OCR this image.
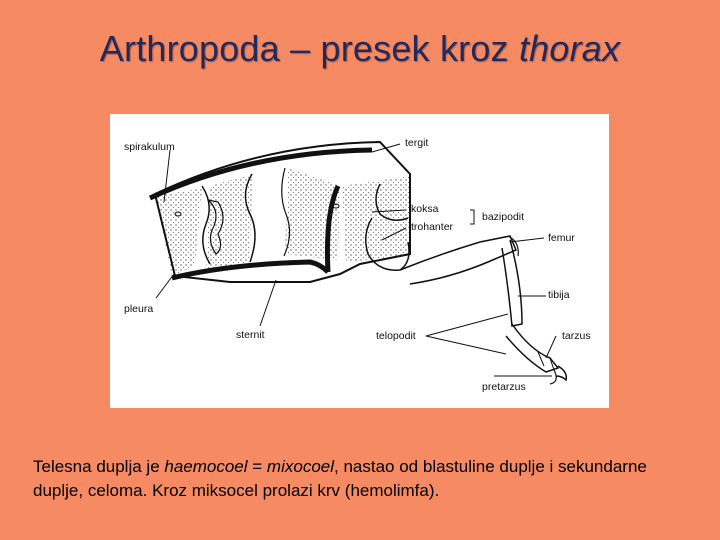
Arthropoda – presek kroz thorax
spirakulum	tergit
koksa
trohanter
bazipodit
femur
pleura
tibija
sternit	telopodit	tarzus
pretarzus
Telesna duplja je haemocoel = mixocoel, nastao od blastuline duplje i sekundarne duplje, celoma. Kroz miksocel prolazi krv (hemolimfa).
